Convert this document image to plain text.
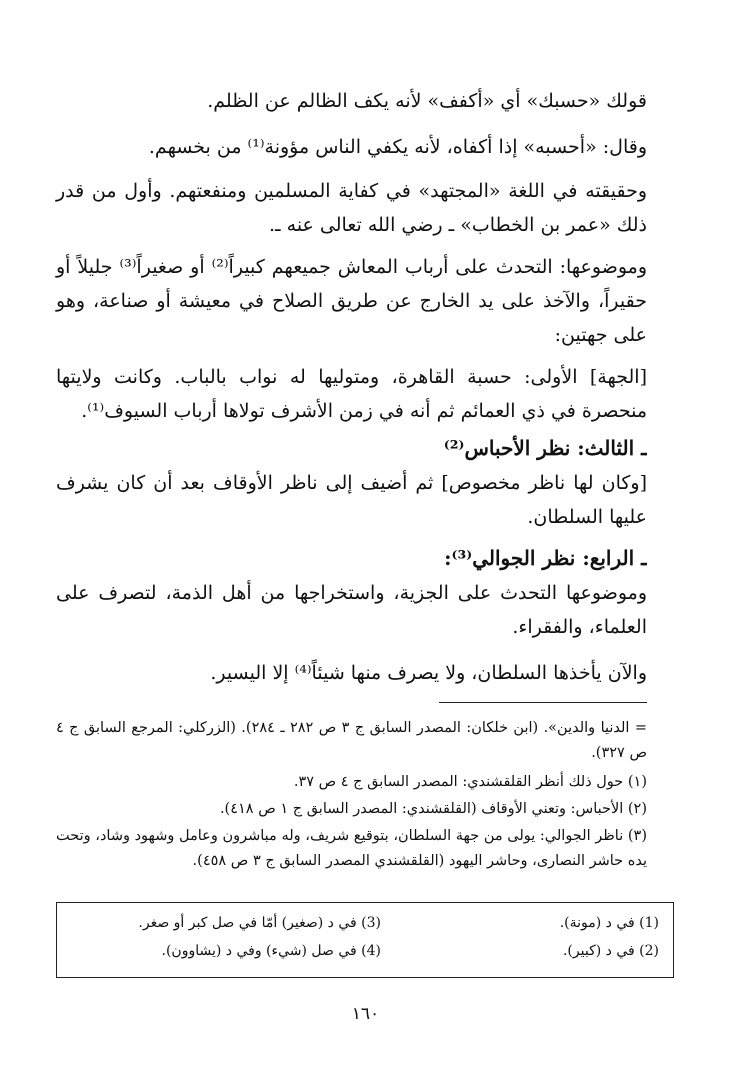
قولك «حسبك» أي «أكفف» لأنه يكف الظالم عن الظلم.

وقال: «أحسبه» إذا أكفاه، لأنه يكفي الناس مؤونة⁽¹⁾ من بخسهم.

وحقيقته في اللغة «المجتهد» في كفاية المسلمين ومنفعتهم. وأول من قدر ذلك «عمر بن الخطاب» ـ رضي الله تعالى عنه ـ.

وموضوعها: التحدث على أرباب المعاش جميعهم كبيراً⁽²⁾ أو صغيراً⁽³⁾ جليلاً أو حقيراً، والآخذ على يد الخارج عن طريق الصلاح في معيشة أو صناعة، وهو على جهتين:

[الجهة] الأولى: حسبة القاهرة، ومتوليها له نواب بالباب. وكانت ولايتها منحصرة في ذي العمائم ثم أنه في زمن الأشرف تولاها أرباب السيوف⁽¹⁾.

ـ الثالث: نظر الأحباس⁽²⁾

[وكان لها ناظر مخصوص] ثم أضيف إلى ناظر الأوقاف بعد أن كان يشرف عليها السلطان.

ـ الرابع: نظر الجوالي⁽³⁾:

وموضوعها التحدث على الجزية، واستخراجها من أهل الذمة، لتصرف على العلماء، والفقراء.

والآن يأخذها السلطان، ولا يصرف منها شيئاً⁽⁴⁾ إلا اليسير.

= الدنيا والدين». (ابن خلكان: المصدر السابق ج ٣ ص ٢٨٢ ـ ٢٨٤). (الزركلي: المرجع السابق ج ٤ ص ٣٢٧).

(١) حول ذلك أنظر القلقشندي: المصدر السابق ج ٤ ص ٣٧.

(٢) الأحباس: وتعني الأوقاف (القلقشندي: المصدر السابق ج ١ ص ٤١٨).

(٣) ناظر الجوالي: يولى من جهة السلطان، بتوقيع شريف، وله مباشرون وعامل وشهود وشاد، وتحت يده حاشر النصارى، وحاشر اليهود (القلقشندي المصدر السابق ج ٣ ص ٤٥٨).

(1) في د (مونة).
(3) في د (صغير) أمّا في صل كبر أو صغر.
(2) في د (كبير).
(4) في صل (شي‏ء) وفي د (يشاوون).
١٦٠
